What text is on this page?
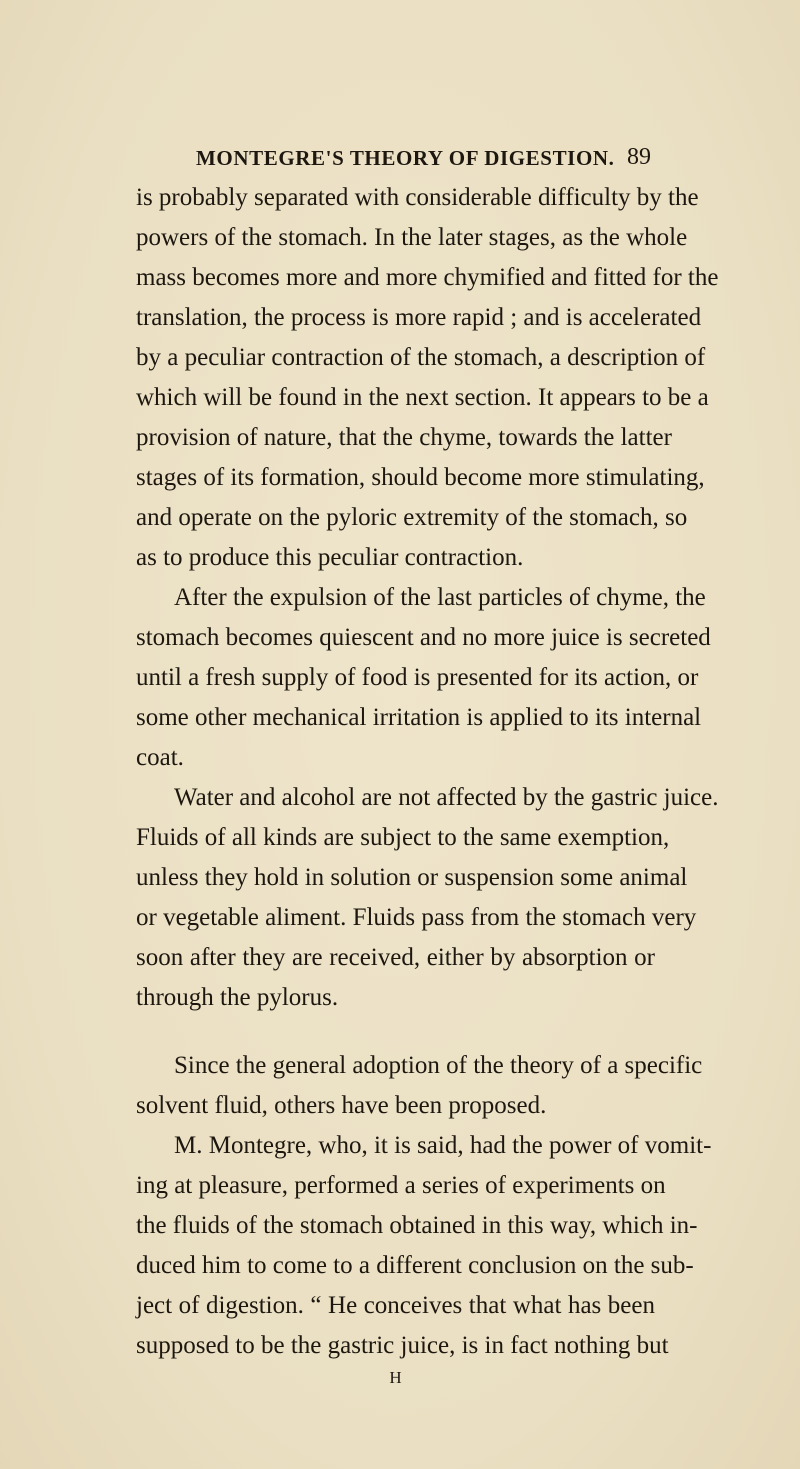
MONTEGRE'S THEORY OF DIGESTION. 89
is probably separated with considerable difficulty by the
powers of the stomach. In the later stages, as the whole
mass becomes more and more chymified and fitted for the
translation, the process is more rapid ; and is accelerated
by a peculiar contraction of the stomach, a description of
which will be found in the next section. It appears to be a
provision of nature, that the chyme, towards the latter
stages of its formation, should become more stimulating,
and operate on the pyloric extremity of the stomach, so
as to produce this peculiar contraction.
After the expulsion of the last particles of chyme, the
stomach becomes quiescent and no more juice is secreted
until a fresh supply of food is presented for its action, or
some other mechanical irritation is applied to its internal
coat.
Water and alcohol are not affected by the gastric juice.
Fluids of all kinds are subject to the same exemption,
unless they hold in solution or suspension some animal
or vegetable aliment. Fluids pass from the stomach very
soon after they are received, either by absorption or
through the pylorus.
Since the general adoption of the theory of a specific
solvent fluid, others have been proposed.
M. Montegre, who, it is said, had the power of vomit-
ing at pleasure, performed a series of experiments on
the fluids of the stomach obtained in this way, which in-
duced him to come to a different conclusion on the sub-
ject of digestion. “ He conceives that what has been
supposed to be the gastric juice, is in fact nothing but
H
